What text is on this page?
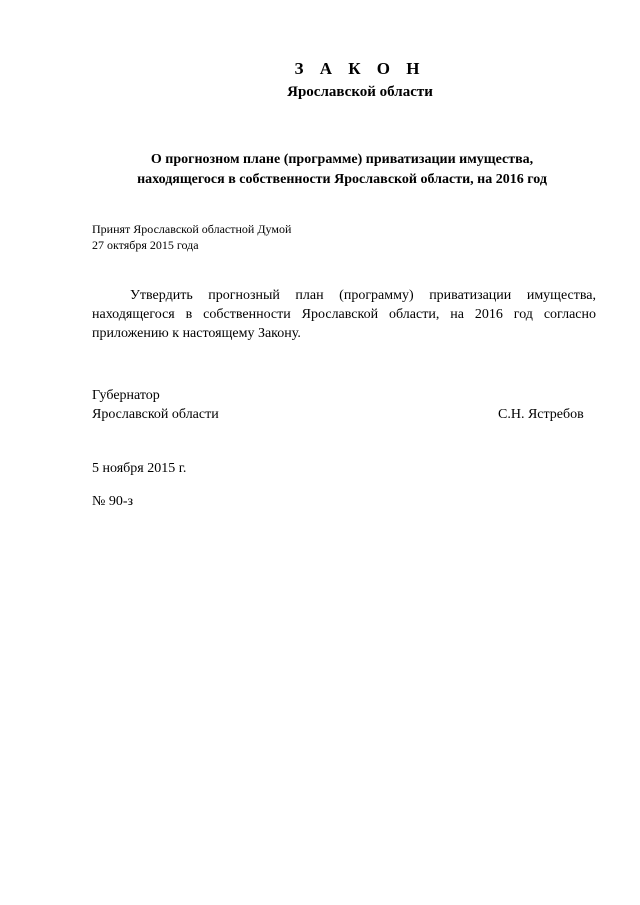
З А К О Н
Ярославской области
О прогнозном плане (программе) приватизации имущества,
находящегося в собственности Ярославской области, на 2016 год
Принят Ярославской областной Думой
27 октября 2015 года

Утвердить прогнозный план (программу) приватизации имущества, находящегося в собственности Ярославской области, на 2016 год согласно приложению к настоящему Закону.

Губернатор
Ярославской области	С.Н. Ястребов
5 ноября 2015 г.
№ 90-з
